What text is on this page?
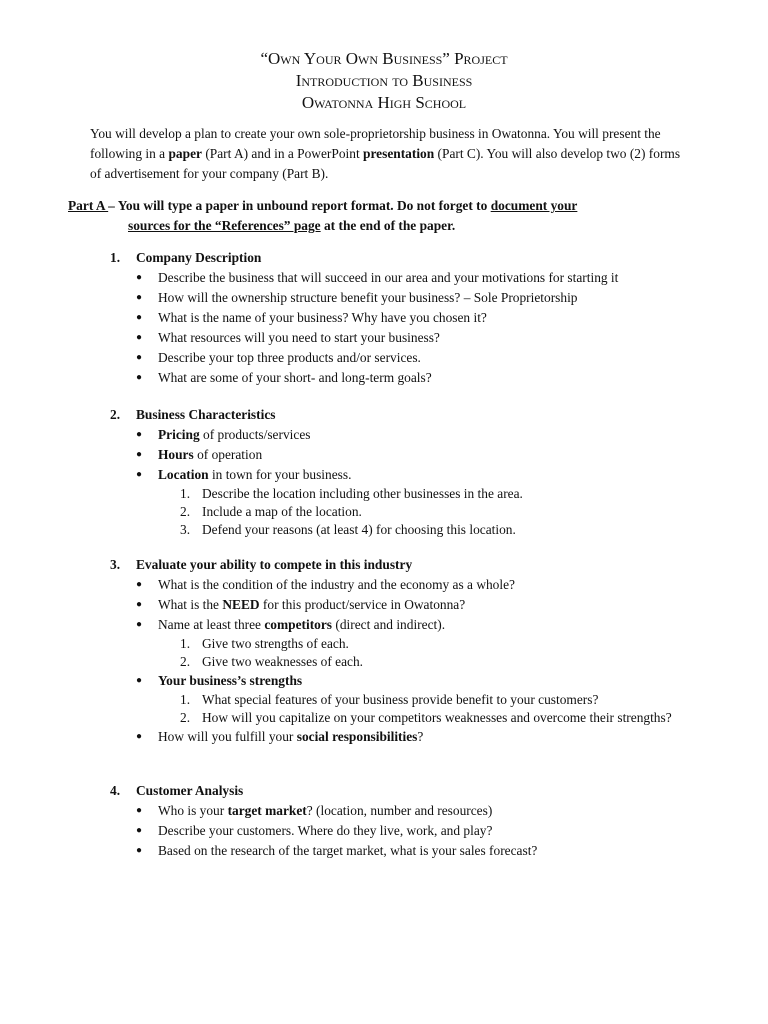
“Own Your Own Business” Project

Introduction to Business

Owatonna High School

You will develop a plan to create your own sole-proprietorship business in Owatonna. You will present the following in a paper (Part A) and in a PowerPoint presentation (Part C). You will also develop two (2) forms of advertisement for your company (Part B).
Part A – You will type a paper in unbound report format. Do not forget to document your
sources for the “References” page at the end of the paper.
1.	Company Description
●	Describe the business that will succeed in our area and your motivations for starting it
●	How will the ownership structure benefit your business? – Sole Proprietorship
●	What is the name of your business? Why have you chosen it?
●	What resources will you need to start your business?
●	Describe your top three products and/or services.
●	What are some of your short- and long-term goals?
2.	Business Characteristics
●	Pricing of products/services
●	Hours of operation
●	Location in town for your business.
1. Describe the location including other businesses in the area.
2. Include a map of the location.
3. Defend your reasons (at least 4) for choosing this location.
3.	Evaluate your ability to compete in this industry
●	What is the condition of the industry and the economy as a whole?
●	What is the NEED for this product/service in Owatonna?
●	Name at least three competitors (direct and indirect).
1. Give two strengths of each.
2. Give two weaknesses of each.
●	Your business’s strengths
1. What special features of your business provide benefit to your customers?
2. How will you capitalize on your competitors weaknesses and overcome their strengths?
●	How will you fulfill your social responsibilities?
4.	Customer Analysis
●	Who is your target market? (location, number and resources)
●	Describe your customers. Where do they live, work, and play?
●	Based on the research of the target market, what is your sales forecast?
